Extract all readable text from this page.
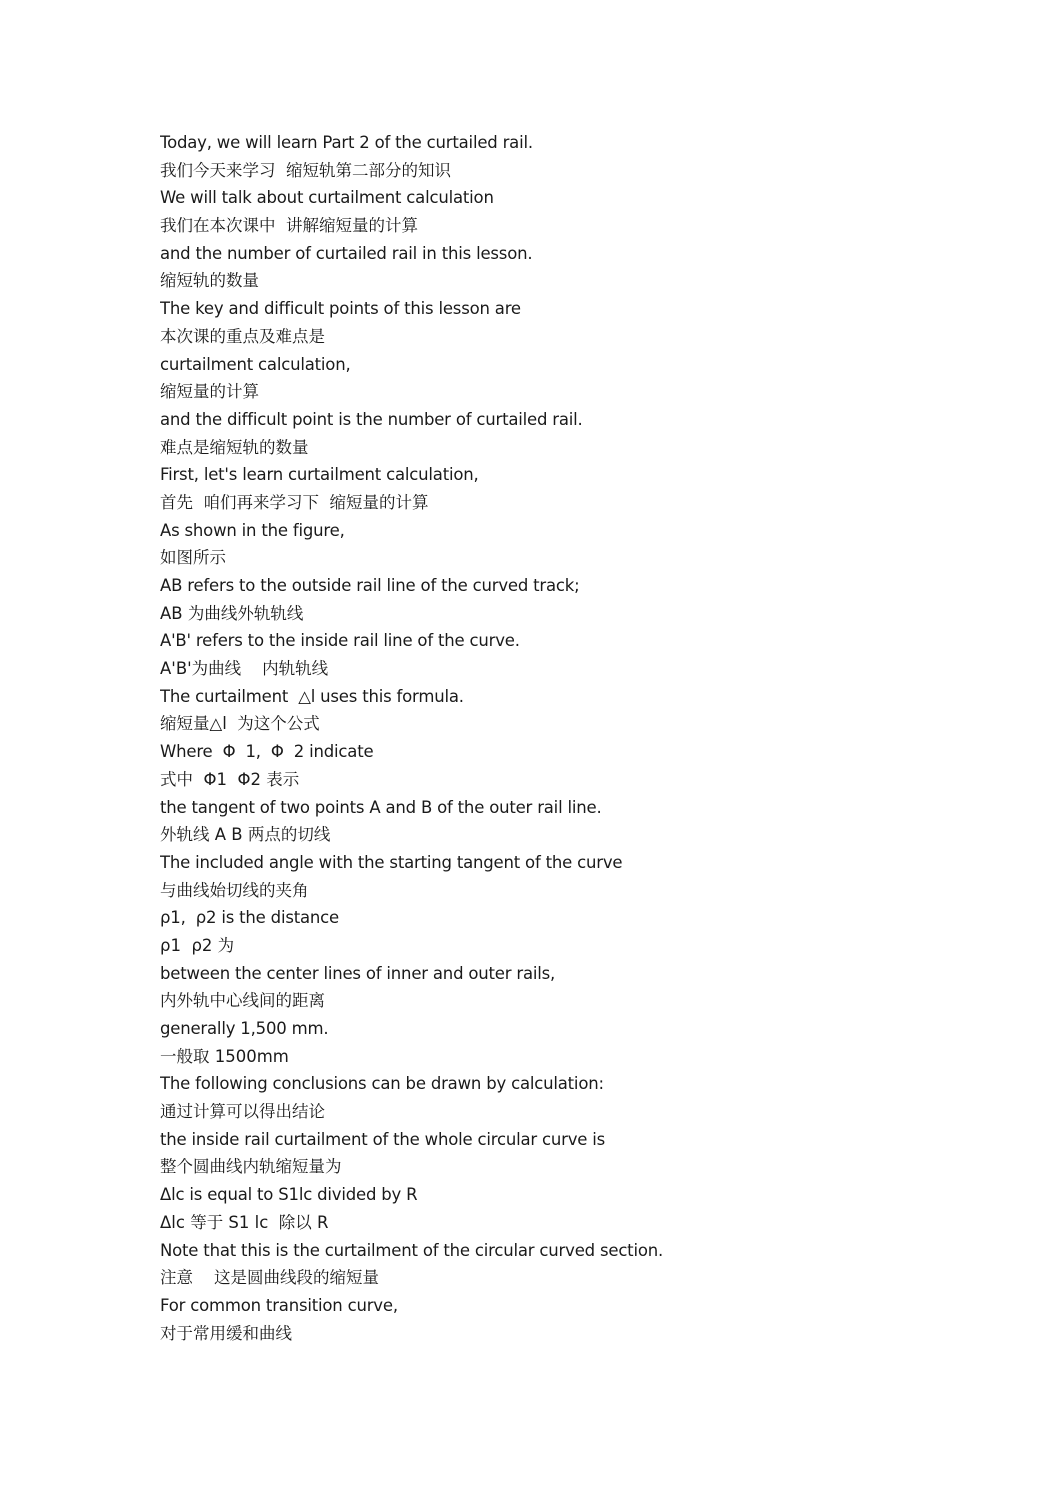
Today, we will learn Part 2 of the curtailed rail.
我们今天来学习  缩短轨第二部分的知识
We will talk about curtailment calculation
我们在本次课中  讲解缩短量的计算
and the number of curtailed rail in this lesson.
缩短轨的数量
The key and difficult points of this lesson are
本次课的重点及难点是
curtailment calculation,
缩短量的计算
and the difficult point is the number of curtailed rail.
难点是缩短轨的数量
First, let's learn curtailment calculation,
首先  咱们再来学习下  缩短量的计算
As shown in the figure,
如图所示
AB refers to the outside rail line of the curved track;
AB 为曲线外轨轨线
A'B' refers to the inside rail line of the curve.
A'B'为曲线    内轨轨线
The curtailment  △l uses this formula.
缩短量△l  为这个公式
Where  Φ  1,  Φ  2 indicate
式中  Φ1  Φ2 表示
the tangent of two points A and B of the outer rail line.
外轨线 A B 两点的切线
The included angle with the starting tangent of the curve
与曲线始切线的夹角
ρ1,  ρ2 is the distance
ρ1  ρ2 为
between the center lines of inner and outer rails,
内外轨中心线间的距离
generally 1,500 mm.
一般取 1500mm
The following conclusions can be drawn by calculation:
通过计算可以得出结论
the inside rail curtailment of the whole circular curve is
整个圆曲线内轨缩短量为
Δlc is equal to S1lc divided by R
Δlc 等于 S1 lc  除以 R
Note that this is the curtailment of the circular curved section.
注意    这是圆曲线段的缩短量
For common transition curve,
对于常用缓和曲线
